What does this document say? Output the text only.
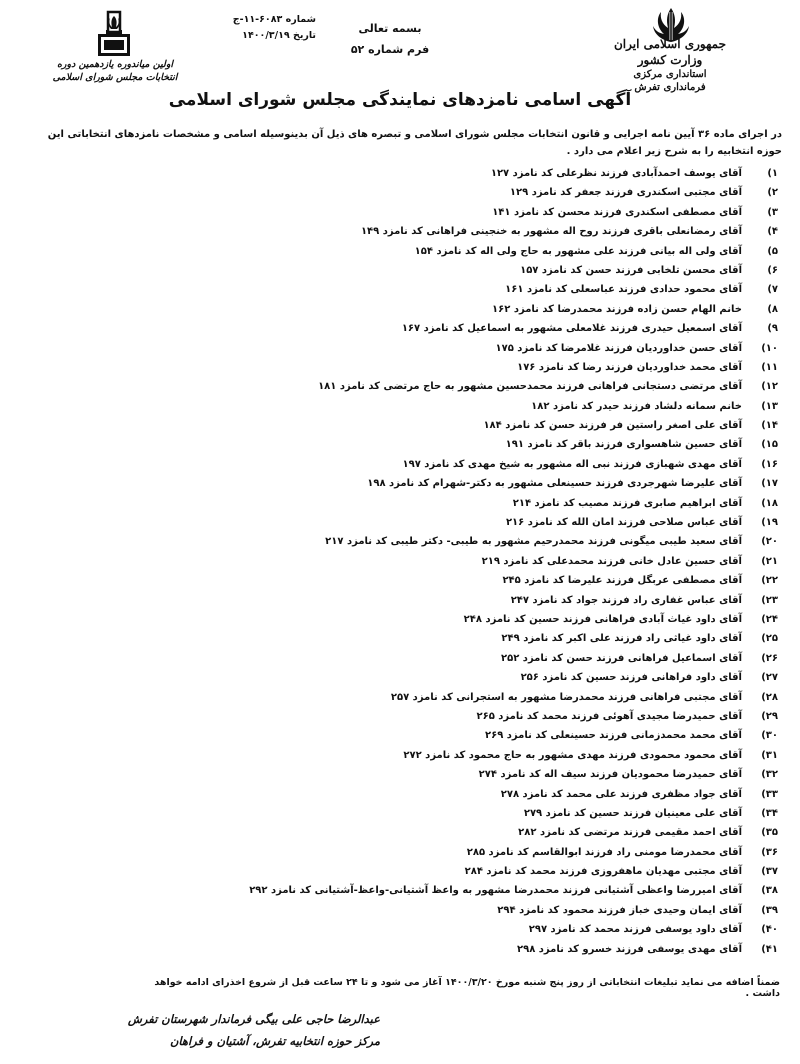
جمهوری اسلامی ایران
وزارت کشور
استانداری مرکزی
فرمانداری تفرش
بسمه تعالی
فرم شماره ۵۲
شماره ۶۰۸۳-۱۱-ج
تاریخ ۱۴۰۰/۳/۱۹
اولین میاندوره یازدهمین دوره
انتخابات مجلس شورای اسلامی
آگهی اسامی نامزدهای نمایندگی مجلس شورای اسلامی
در اجرای ماده ۳۶ آیین نامه اجرایی و قانون انتخابات مجلس شورای اسلامی و تبصره های ذیل آن بدینوسیله اسامی و مشخصات نامزدهای انتخاباتی این حوزه انتخابیه را به شرح زیر اعلام می دارد .
۱)آقای یوسف احمدآبادی فرزند نظرعلی کد نامزد ۱۲۷
۲)آقای مجتبی اسکندری فرزند جعفر کد نامزد ۱۲۹
۳)آقای مصطفی اسکندری فرزند محسن کد نامزد ۱۴۱
۴)آقای رمضانعلی باقری فرزند روح اله مشهور به خنجینی فراهانی کد نامزد ۱۴۹
۵)آقای ولی اله بیانی فرزند علی مشهور به حاج ولی اله کد نامزد ۱۵۴
۶)آقای محسن تلخابی فرزند حسن کد نامزد ۱۵۷
۷)آقای محمود حدادی فرزند عباسعلی کد نامزد ۱۶۱
۸)خانم الهام حسن زاده فرزند محمدرضا کد نامزد ۱۶۲
۹)آقای اسمعیل حیدری فرزند غلامعلی مشهور به اسماعیل کد نامزد ۱۶۷
۱۰)آقای حسن خداوردیان فرزند غلامرضا کد نامزد ۱۷۵
۱۱)آقای محمد خداوردیان فرزند رضا کد نامزد ۱۷۶
۱۲)آقای مرتضی دستجانی فراهانی فرزند محمدحسین مشهور به حاج مرتضی کد نامزد ۱۸۱
۱۳)خانم سمانه دلشاد فرزند حیدر کد نامزد ۱۸۲
۱۴)آقای علی اصغر راستین فر فرزند حسن کد نامزد ۱۸۴
۱۵)آقای حسین شاهسواری فرزند باقر کد نامزد ۱۹۱
۱۶)آقای مهدی شهبازی فرزند نبی اله مشهور به شیخ مهدی کد نامزد ۱۹۷
۱۷)آقای علیرضا شهرجردی فرزند حسینعلی مشهور به دکتر-شهرام کد نامزد ۱۹۸
۱۸)آقای ابراهیم صابری فرزند مصیب کد نامزد ۲۱۴
۱۹)آقای عباس صلاحی فرزند امان الله کد نامزد ۲۱۶
۲۰)آقای سعید طیبی میگونی فرزند محمدرحیم مشهور به طیبی- دکتر طیبی کد نامزد ۲۱۷
۲۱)آقای حسین عادل خانی فرزند محمدعلی کد نامزد ۲۱۹
۲۲)آقای مصطفی عربگل فرزند علیرضا کد نامزد ۲۴۵
۲۳)آقای عباس غفاری راد فرزند جواد کد نامزد ۲۴۷
۲۴)آقای داود غیاث آبادی فراهانی فرزند حسین کد نامزد ۲۴۸
۲۵)آقای داود غیاثی راد فرزند علی اکبر کد نامزد ۲۴۹
۲۶)آقای اسماعیل فراهانی فرزند حسن کد نامزد ۲۵۲
۲۷)آقای داود فراهانی فرزند حسین کد نامزد ۲۵۶
۲۸)آقای مجتبی فراهانی فرزند محمدرضا مشهور به استجرانی کد نامزد ۲۵۷
۲۹)آقای حمیدرضا مجیدی آهوئی فرزند محمد کد نامزد ۲۶۵
۳۰)آقای محمد محمدزمانی فرزند حسینعلی کد نامزد ۲۶۹
۳۱)آقای محمود محمودی فرزند مهدی مشهور به حاج محمود کد نامزد ۲۷۲
۳۲)آقای حمیدرضا محمودیان فرزند سیف اله کد نامزد ۲۷۴
۳۳)آقای جواد مظفری فرزند علی محمد کد نامزد ۲۷۸
۳۴)آقای علی معینیان فرزند حسین کد نامزد ۲۷۹
۳۵)آقای احمد مقیمی فرزند مرتضی کد نامزد ۲۸۲
۳۶)آقای محمدرضا مومنی راد فرزند ابوالقاسم کد نامزد ۲۸۵
۳۷)آقای مجتبی مهدیان ماهفروزی فرزند محمد کد نامزد ۲۸۴
۳۸)آقای امیررضا واعظی آشتیانی فرزند محمدرضا مشهور به واعظ آشتیانی-واعظ-آشتیانی کد نامزد ۲۹۲
۳۹)آقای ایمان وحیدی خباز فرزند محمود کد نامزد ۲۹۴
۴۰)آقای داود یوسفی فرزند محمد کد نامزد ۲۹۷
۴۱)آقای مهدی یوسفی فرزند خسرو کد نامزد ۲۹۸
ضمناً اضافه می نماید تبلیغات انتخاباتی از روز پنج شنبه مورخ ۱۴۰۰/۳/۲۰ آغاز می شود و تا ۲۴ ساعت قبل از شروع اخذرای ادامه خواهد داشت .
عبدالرضا حاجی علی بیگی فرماندار شهرستان تفرش
مرکز حوزه انتخابیه تفرش، آشتیان و فراهان
